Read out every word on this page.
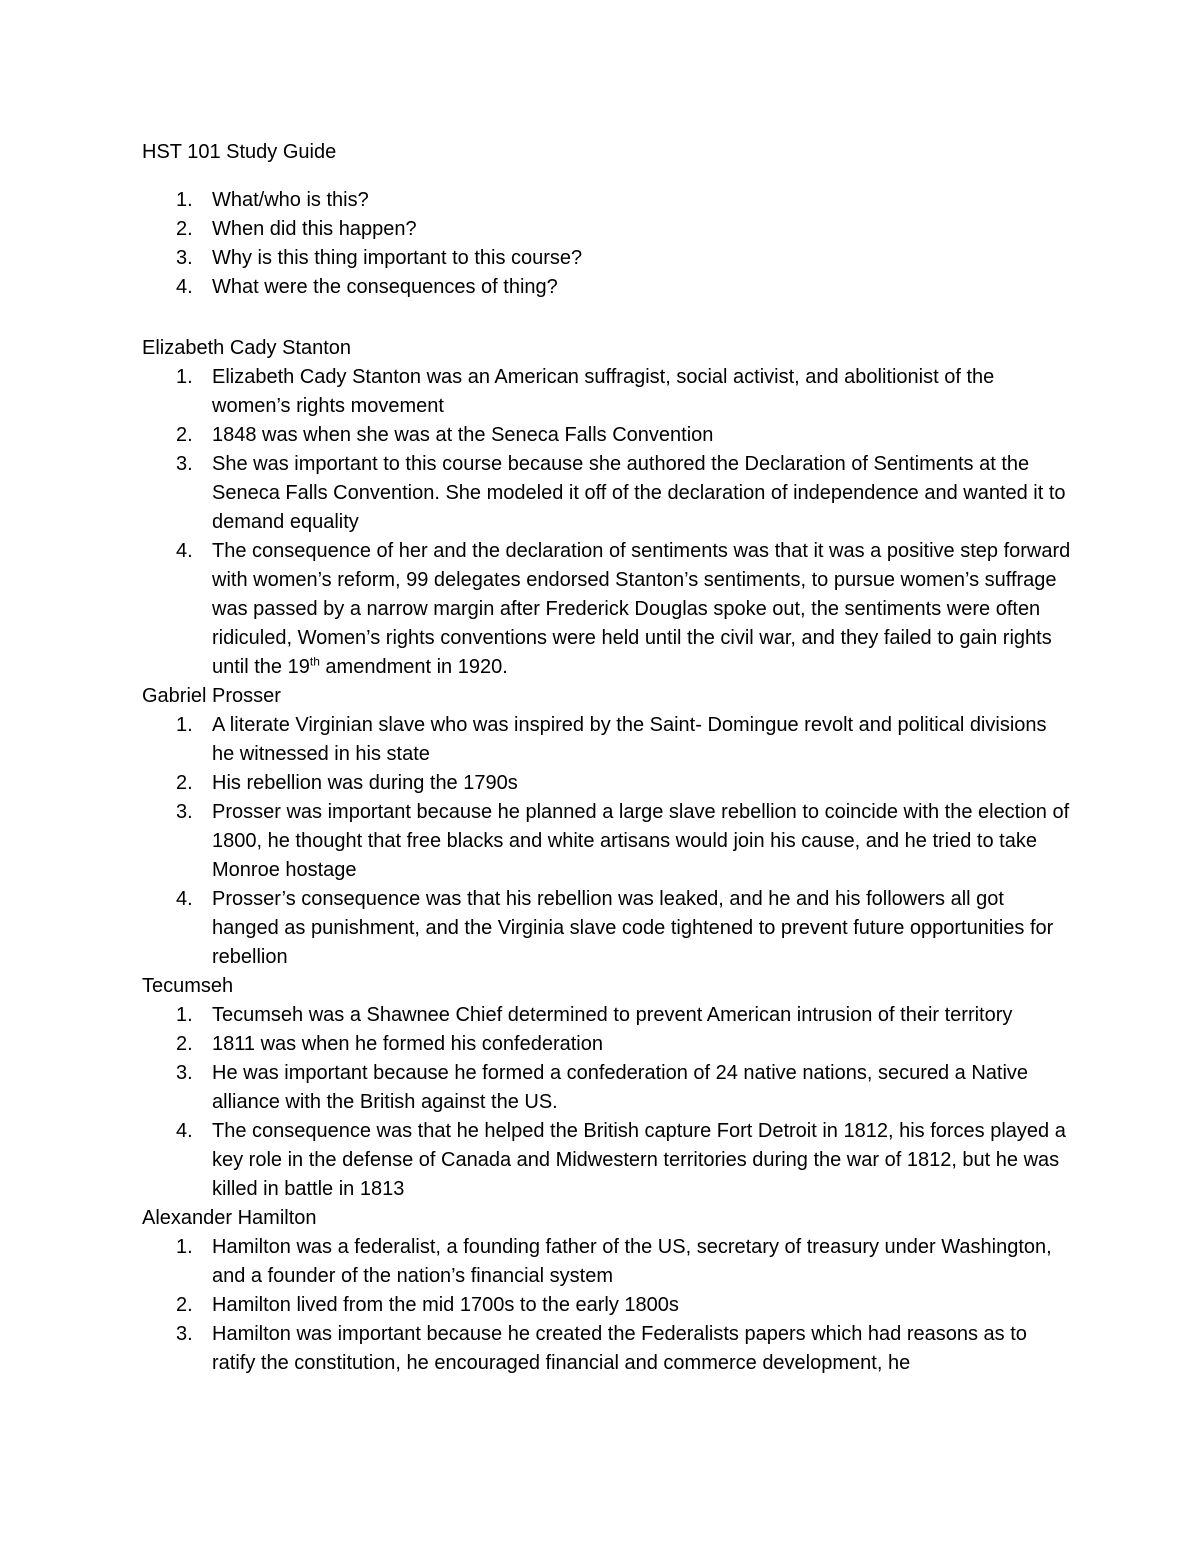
HST 101 Study Guide
1. What/who is this?
2. When did this happen?
3. Why is this thing important to this course?
4. What were the consequences of thing?
Elizabeth Cady Stanton
1. Elizabeth Cady Stanton was an American suffragist, social activist, and abolitionist of the women’s rights movement
2. 1848 was when she was at the Seneca Falls Convention
3. She was important to this course because she authored the Declaration of Sentiments at the Seneca Falls Convention. She modeled it off of the declaration of independence and wanted it to demand equality
4. The consequence of her and the declaration of sentiments was that it was a positive step forward with women’s reform, 99 delegates endorsed Stanton’s sentiments, to pursue women’s suffrage was passed by a narrow margin after Frederick Douglas spoke out, the sentiments were often ridiculed, Women’s rights conventions were held until the civil war, and they failed to gain rights until the 19th amendment in 1920.
Gabriel Prosser
1. A literate Virginian slave who was inspired by the Saint- Domingue revolt and political divisions he witnessed in his state
2. His rebellion was during the 1790s
3. Prosser was important because he planned a large slave rebellion to coincide with the election of 1800, he thought that free blacks and white artisans would join his cause, and he tried to take Monroe hostage
4. Prosser’s consequence was that his rebellion was leaked, and he and his followers all got hanged as punishment, and the Virginia slave code tightened to prevent future opportunities for rebellion
Tecumseh
1. Tecumseh was a Shawnee Chief determined to prevent American intrusion of their territory
2. 1811 was when he formed his confederation
3. He was important because he formed a confederation of 24 native nations, secured a Native alliance with the British against the US.
4. The consequence was that he helped the British capture Fort Detroit in 1812, his forces played a key role in the defense of Canada and Midwestern territories during the war of 1812, but he was killed in battle in 1813
Alexander Hamilton
1. Hamilton was a federalist, a founding father of the US, secretary of treasury under Washington, and a founder of the nation’s financial system
2. Hamilton lived from the mid 1700s to the early 1800s
3. Hamilton was important because he created the Federalists papers which had reasons as to ratify the constitution, he encouraged financial and commerce development, he
